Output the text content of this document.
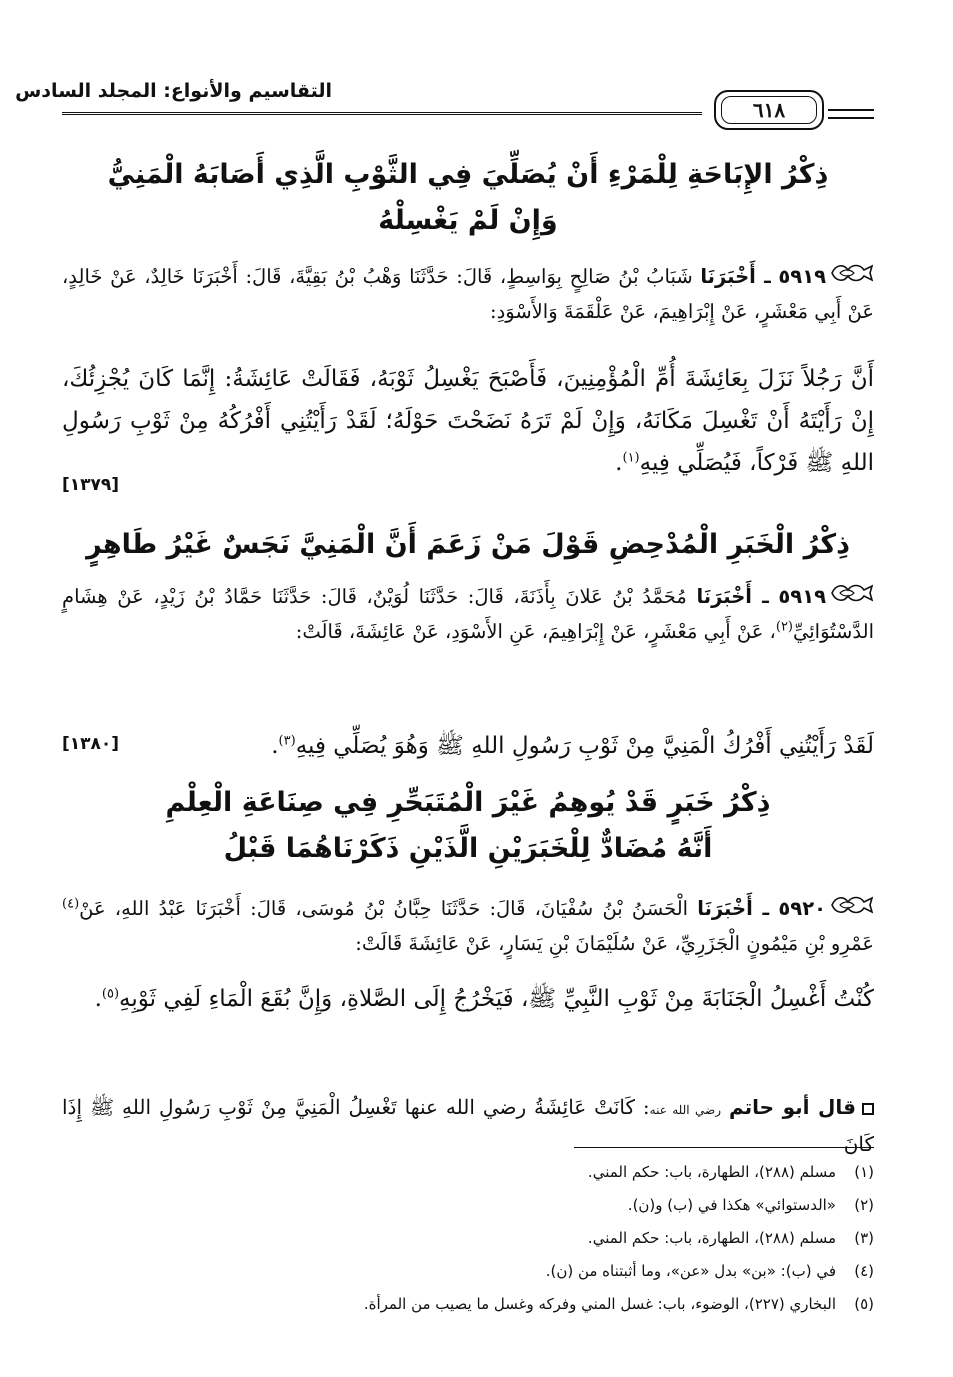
التقاسيم والأنواع: المجلد السادس
٦١٨
ذِكْرُ الإِبَاحَةِ لِلْمَرْءِ أَنْ يُصَلِّيَ فِي الثَّوْبِ الَّذِي أَصَابَهُ الْمَنِيُّ
وَإِنْ لَمْ يَغْسِلْهُ
٥٩١٩ ـ أَخْبَرَنَا شَبَابُ بْنُ صَالِحٍ بِوَاسِطٍ، قَالَ: حَدَّثَنَا وَهْبُ بْنُ بَقِيَّةَ، قَالَ: أَخْبَرَنَا خَالِدٌ، عَنْ خَالِدٍ، عَنْ أَبِي مَعْشَرٍ، عَنْ إِبْرَاهِيمَ، عَنْ عَلْقَمَةَ وَالأَسْوَدِ:
أَنَّ رَجُلاً نَزَلَ بِعَائِشَةَ أُمِّ الْمُؤْمِنِينَ، فَأَصْبَحَ يَغْسِلُ ثَوْبَهُ، فَقَالَتْ عَائِشَةُ: إِنَّمَا كَانَ يُجْزِئُكَ، إِنْ رَأَيْتَهُ أَنْ تَغْسِلَ مَكَانَهُ، وَإِنْ لَمْ تَرَهُ نَضَحْتَ حَوْلَهُ؛ لَقَدْ رَأَيْتُنِي أَفْرُكُهُ مِنْ ثَوْبِ رَسُولِ اللهِ ﷺ فَرْكاً، فَيُصَلِّي فِيهِ$^{(١)}$.
[١٣٧٩]
ذِكْرُ الْخَبَرِ الْمُدْحِضِ قَوْلَ مَنْ زَعَمَ أَنَّ الْمَنِيَّ نَجَسٌ غَيْرُ طَاهِرٍ
٥٩١٩ ـ أَخْبَرَنَا مُحَمَّدُ بْنُ عَلانَ بِأَذَنَةَ، قَالَ: حَدَّثَنَا لُوَيْنٌ، قَالَ: حَدَّثَنَا حَمَّادُ بْنُ زَيْدٍ، عَنْ هِشَامٍ الدَّسْتُوَائِيِّ$^{(٢)}$، عَنْ أَبِي مَعْشَرٍ، عَنْ إِبْرَاهِيمَ، عَنِ الأَسْوَدِ، عَنْ عَائِشَةَ، قَالَتْ:
لَقَدْ رَأَيْتُنِي أَفْرُكُ الْمَنِيَّ مِنْ ثَوْبِ رَسُولِ اللهِ ﷺ وَهُوَ يُصَلِّي فِيهِ$^{(٣)}$.
[١٣٨٠]
ذِكْرُ خَبَرٍ قَدْ يُوهِمُ غَيْرَ الْمُتَبَحِّرِ فِي صِنَاعَةِ الْعِلْمِ
أَنَّهُ مُضَادٌّ لِلْخَبَرَيْنِ الَّذَيْنِ ذَكَرْنَاهُمَا قَبْلُ
٥٩٢٠ ـ أَخْبَرَنَا الْحَسَنُ بْنُ سُفْيَانَ، قَالَ: حَدَّثَنَا حِبَّانُ بْنُ مُوسَى، قَالَ: أَخْبَرَنَا عَبْدُ اللهِ، عَنْ$^{(٤)}$ عَمْرِو بْنِ مَيْمُونٍ الْجَزَرِيِّ، عَنْ سُلَيْمَانَ بْنِ يَسَارٍ، عَنْ عَائِشَةَ قَالَتْ:
كُنْتُ أَغْسِلُ الْجَنَابَةَ مِنْ ثَوْبِ النَّبِيِّ ﷺ، فَيَخْرُجُ إِلَى الصَّلاةِ، وَإِنَّ بُقَعَ الْمَاءِ لَفِي ثَوْبِهِ$^{(٥)}$.
قال أبو حاتم رضي الله عنه: كَانَتْ عَائِشَةُ رضي الله عنها تَغْسِلُ الْمَنِيَّ مِنْ ثَوْبِ رَسُولِ اللهِ ﷺ إِذَا كَانَ
(١)مسلم (٢٨٨)، الطهارة، باب: حكم المني.
(٢)«الدستوائي» هكذا في (ب) و(ن).
(٣)مسلم (٢٨٨)، الطهارة، باب: حكم المني.
(٤)في (ب): «بن» بدل «عن»، وما أثبتناه من (ن).
(٥)البخاري (٢٢٧)، الوضوء، باب: غسل المني وفركه وغسل ما يصيب من المرأة.
